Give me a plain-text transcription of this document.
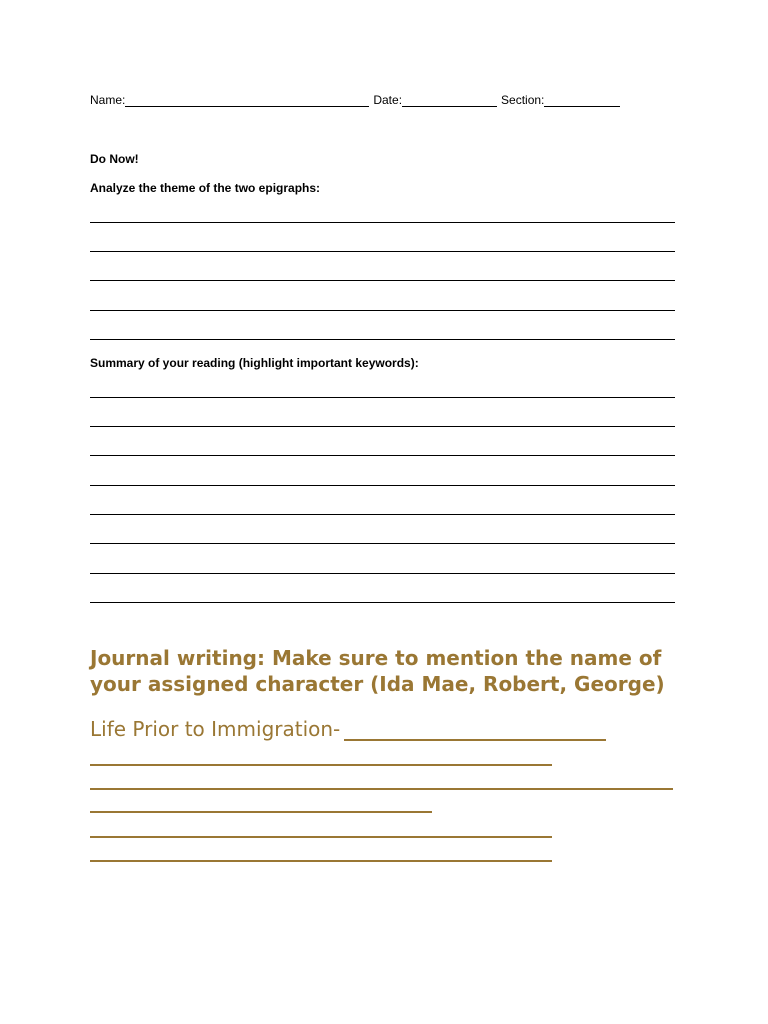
Name:	Date:	Section:
Do Now!
Analyze the theme of the two epigraphs:
Summary of your reading (highlight important keywords):
Journal writing: Make sure to mention the name of your assigned character (Ida Mae, Robert, George)
Life Prior to Immigration-
